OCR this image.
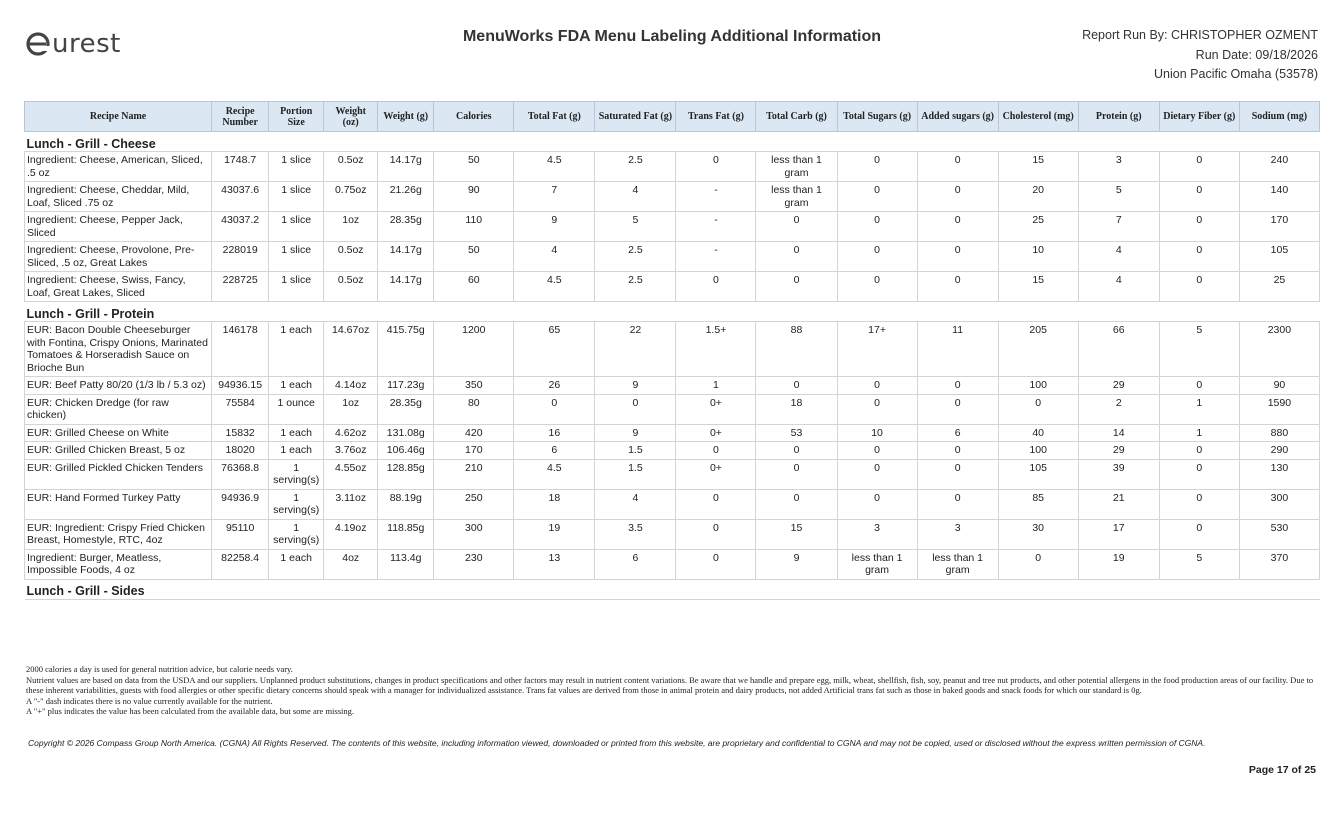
urest	MenuWorks FDA Menu Labeling Additional Information	Report Run By: CHRISTOPHER OZMENT
Run Date: 09/18/2026
Union Pacific Omaha (53578)
Recipe Name	Recipe Number	Portion Size	Weight (oz)	Weight (g)	Calories	Total Fat (g)	Saturated Fat (g)	Trans Fat (g)	Total Carb (g)	Total Sugars (g)	Added sugars (g)	Cholesterol (mg)	Protein (g)	Dietary Fiber (g)	Sodium (mg)
Lunch - Grill - Cheese															
Ingredient: Cheese, American, Sliced, .5 oz	1748.7	1 slice	0.5oz	14.17g	50	4.5	2.5	0	less than 1 gram	0	0	15	3	0	240
Ingredient: Cheese, Cheddar, Mild, Loaf, Sliced .75 oz	43037.6	1 slice	0.75oz	21.26g	90	7	4	-	less than 1 gram	0	0	20	5	0	140
Ingredient: Cheese, Pepper Jack, Sliced	43037.2	1 slice	1oz	28.35g	110	9	5	-	0	0	0	25	7	0	170
Ingredient: Cheese, Provolone, Pre-Sliced, .5 oz, Great Lakes	228019	1 slice	0.5oz	14.17g	50	4	2.5	-	0	0	0	10	4	0	105
Ingredient: Cheese, Swiss, Fancy, Loaf, Great Lakes, Sliced	228725	1 slice	0.5oz	14.17g	60	4.5	2.5	0	0	0	0	15	4	0	25
Lunch - Grill - Protein															
EUR: Bacon Double Cheeseburger with Fontina, Crispy Onions, Marinated Tomatoes & Horseradish Sauce on Brioche Bun	146178	1 each	14.67oz	415.75g	1200	65	22	1.5+	88	17+	11	205	66	5	2300
EUR: Beef Patty 80/20 (1/3 lb / 5.3 oz)	94936.15	1 each	4.14oz	117.23g	350	26	9	1	0	0	0	100	29	0	90
EUR: Chicken Dredge (for raw chicken)	75584	1 ounce	1oz	28.35g	80	0	0	0+	18	0	0	0	2	1	1590
EUR: Grilled Cheese on White	15832	1 each	4.62oz	131.08g	420	16	9	0+	53	10	6	40	14	1	880
EUR: Grilled Chicken Breast, 5 oz	18020	1 each	3.76oz	106.46g	170	6	1.5	0	0	0	0	100	29	0	290
EUR: Grilled Pickled Chicken Tenders	76368.8	1 serving(s)	4.55oz	128.85g	210	4.5	1.5	0+	0	0	0	105	39	0	130
EUR: Hand Formed Turkey Patty	94936.9	1 serving(s)	3.11oz	88.19g	250	18	4	0	0	0	0	85	21	0	300
EUR: Ingredient: Crispy Fried Chicken Breast, Homestyle, RTC, 4oz	95110	1 serving(s)	4.19oz	118.85g	300	19	3.5	0	15	3	3	30	17	0	530
Ingredient: Burger, Meatless, Impossible Foods, 4 oz	82258.4	1 each	4oz	113.4g	230	13	6	0	9	less than 1 gram	less than 1 gram	0	19	5	370
Lunch - Grill - Sides															
2000 calories a day is used for general nutrition advice, but calorie needs vary.
Nutrient values are based on data from the USDA and our suppliers. Unplanned product substitutions, changes in product specifications and other factors may result in nutrient content variations. Be aware that we handle and prepare egg, milk, wheat, shellfish, fish, soy, peanut and tree nut products, and other potential allergens in the food production areas of our facility. Due to these inherent variabilities, guests with food allergies or other specific dietary concerns should speak with a manager for individualized assistance. Trans fat values are derived from those in animal protein and dairy products, not added Artificial trans fat such as those in baked goods and snack foods for which our standard is 0g.
A "-" dash indicates there is no value currently available for the nutrient.
A "+" plus indicates the value has been calculated from the available data, but some are missing.
Copyright © 2026 Compass Group North America. (CGNA) All Rights Reserved. The contents of this website, including information viewed, downloaded or printed from this website, are proprietary and confidential to CGNA and may not be copied, used or disclosed without the express written permission of CGNA.
Page 17 of 25
